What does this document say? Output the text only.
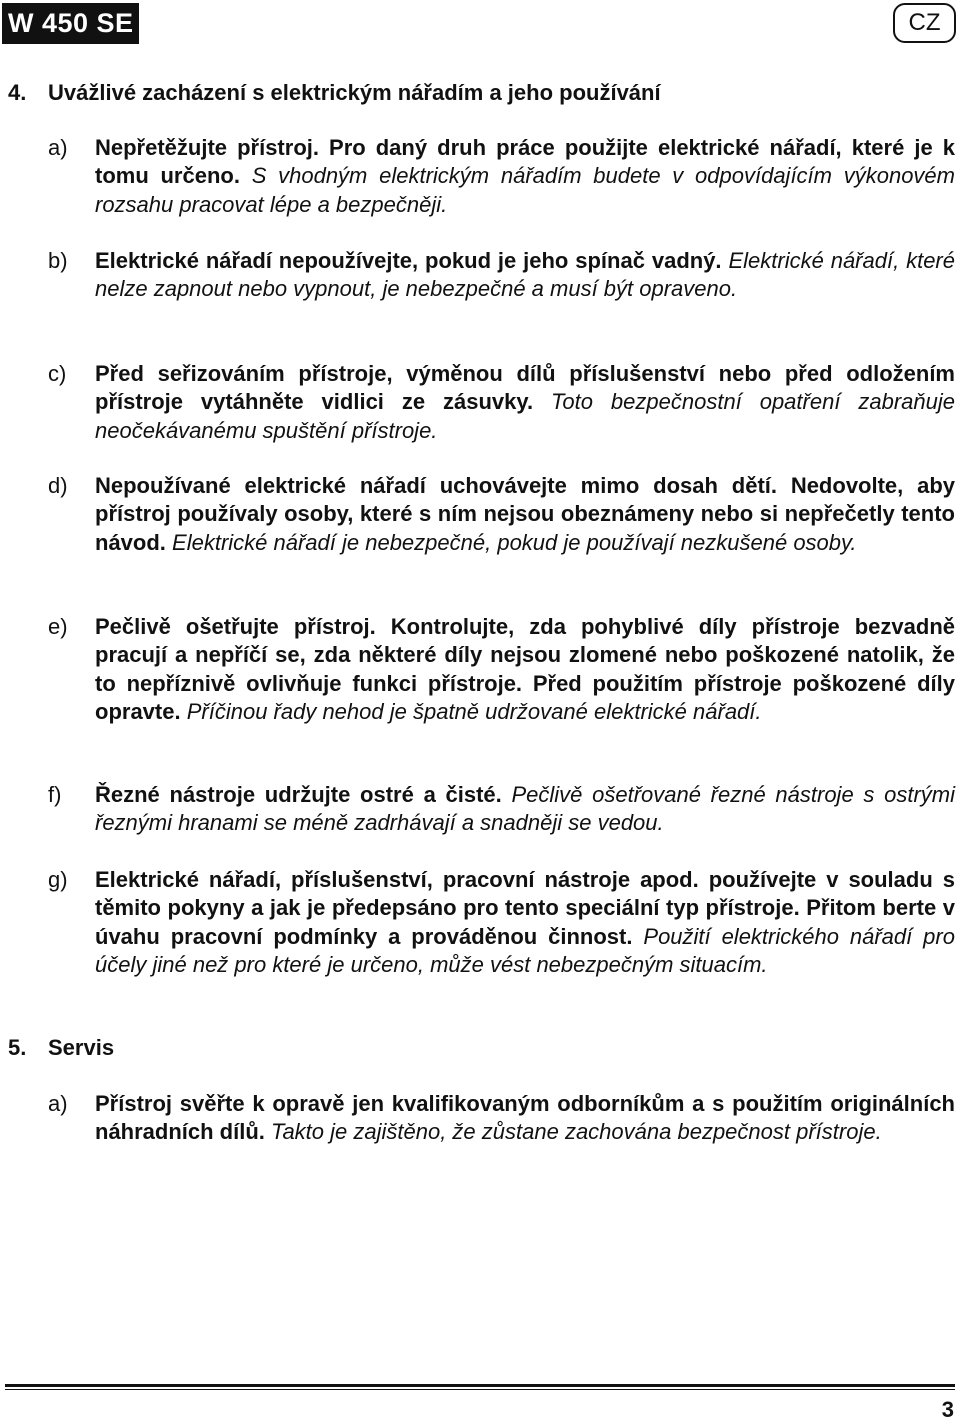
W 450 SE	CZ
4. Uvážlivé zacházení s elektrickým nářadím a jeho používání
a)	Nepřetěžujte přístroj. Pro daný druh práce použijte elektrické nářadí, které je k tomu určeno. S vhodným elektrickým nářadím budete v odpovídajícím výkonovém rozsahu pracovat lépe a bezpečněji.
b)	Elektrické nářadí nepoužívejte, pokud je jeho spínač vadný. Elektrické nářadí, které nelze zapnout nebo vypnout, je nebezpečné a musí být opraveno.
c)	Před seřizováním přístroje, výměnou dílů příslušenství nebo před odložením přístroje vytáhněte vidlici ze zásuvky. Toto bezpečnostní opatření zabraňuje neočekávanému spuštění přístroje.
d)	Nepoužívané elektrické nářadí uchovávejte mimo dosah dětí. Nedovolte, aby přístroj používaly osoby, které s ním nejsou obeznámeny nebo si nepřečetly tento návod. Elektrické nářadí je nebezpečné, pokud je používají nezkušené osoby.
e)	Pečlivě ošetřujte přístroj. Kontrolujte, zda pohyblivé díly přístroje bezvadně pracují a nepříčí se, zda některé díly nejsou zlomené nebo poškozené natolik, že to nepříznivě ovlivňuje funkci přístroje. Před použitím přístroje poškozené díly opravte. Příčinou řady nehod je špatně udržované elektrické nářadí.
f)	Řezné nástroje udržujte ostré a čisté. Pečlivě ošetřované řezné nástroje s ostrými řeznými hranami se méně zadrhávají a snadněji se vedou.
g)	Elektrické nářadí, příslušenství, pracovní nástroje apod. používejte v souladu s těmito pokyny a jak je předepsáno pro tento speciální typ přístroje. Přitom berte v úvahu pracovní podmínky a prováděnou činnost. Použití elektrického nářadí pro účely jiné než pro které je určeno, může vést nebezpečným situacím.
5. Servis
a)	Přístroj svěřte k opravě jen kvalifikovaným odborníkům a s použitím originálních náhradních dílů. Takto je zajištěno, že zůstane zachována bezpečnost přístroje.
3
